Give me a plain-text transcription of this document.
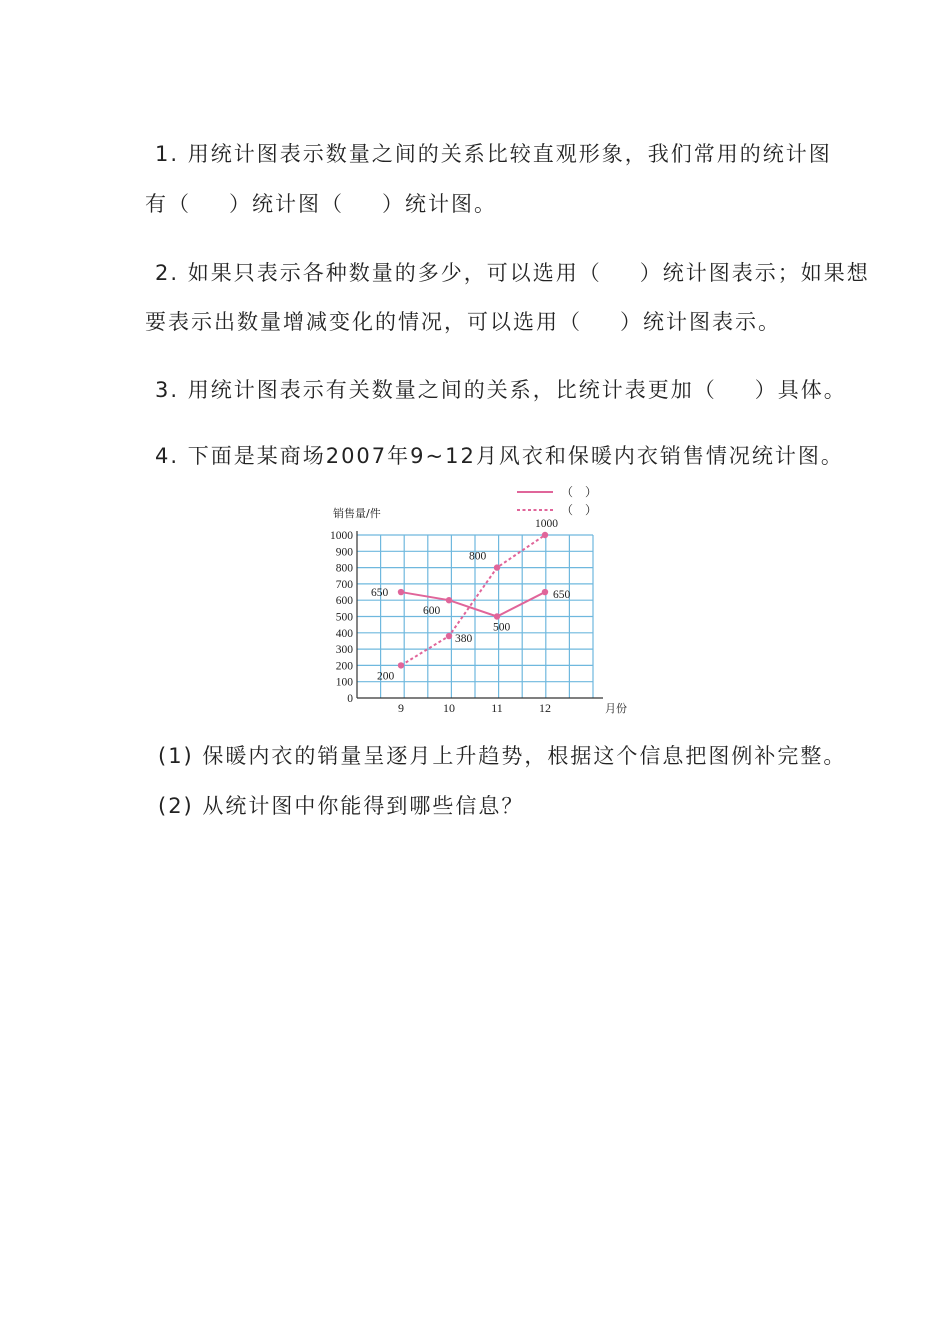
1. 用统计图表示数量之间的关系比较直观形象，我们常用的统计图
有（ ）统计图（ ）统计图。
2. 如果只表示各种数量的多少，可以选用（ ）统计图表示；如果想
要表示出数量增减变化的情况，可以选用（ ）统计图表示。
3. 用统计图表示有关数量之间的关系，比统计表更加（ ）具体。
4. 下面是某商场2007年9~12月风衣和保暖内衣销售情况统计图。
0
100
200
300
400
500
600
700
800
900
1000
9	10	11	12	月份
销售量/件
650
600
500
650
200
380
800
1000
（　）
（　）
(1) 保暖内衣的销量呈逐月上升趋势，根据这个信息把图例补完整。
(2) 从统计图中你能得到哪些信息？
